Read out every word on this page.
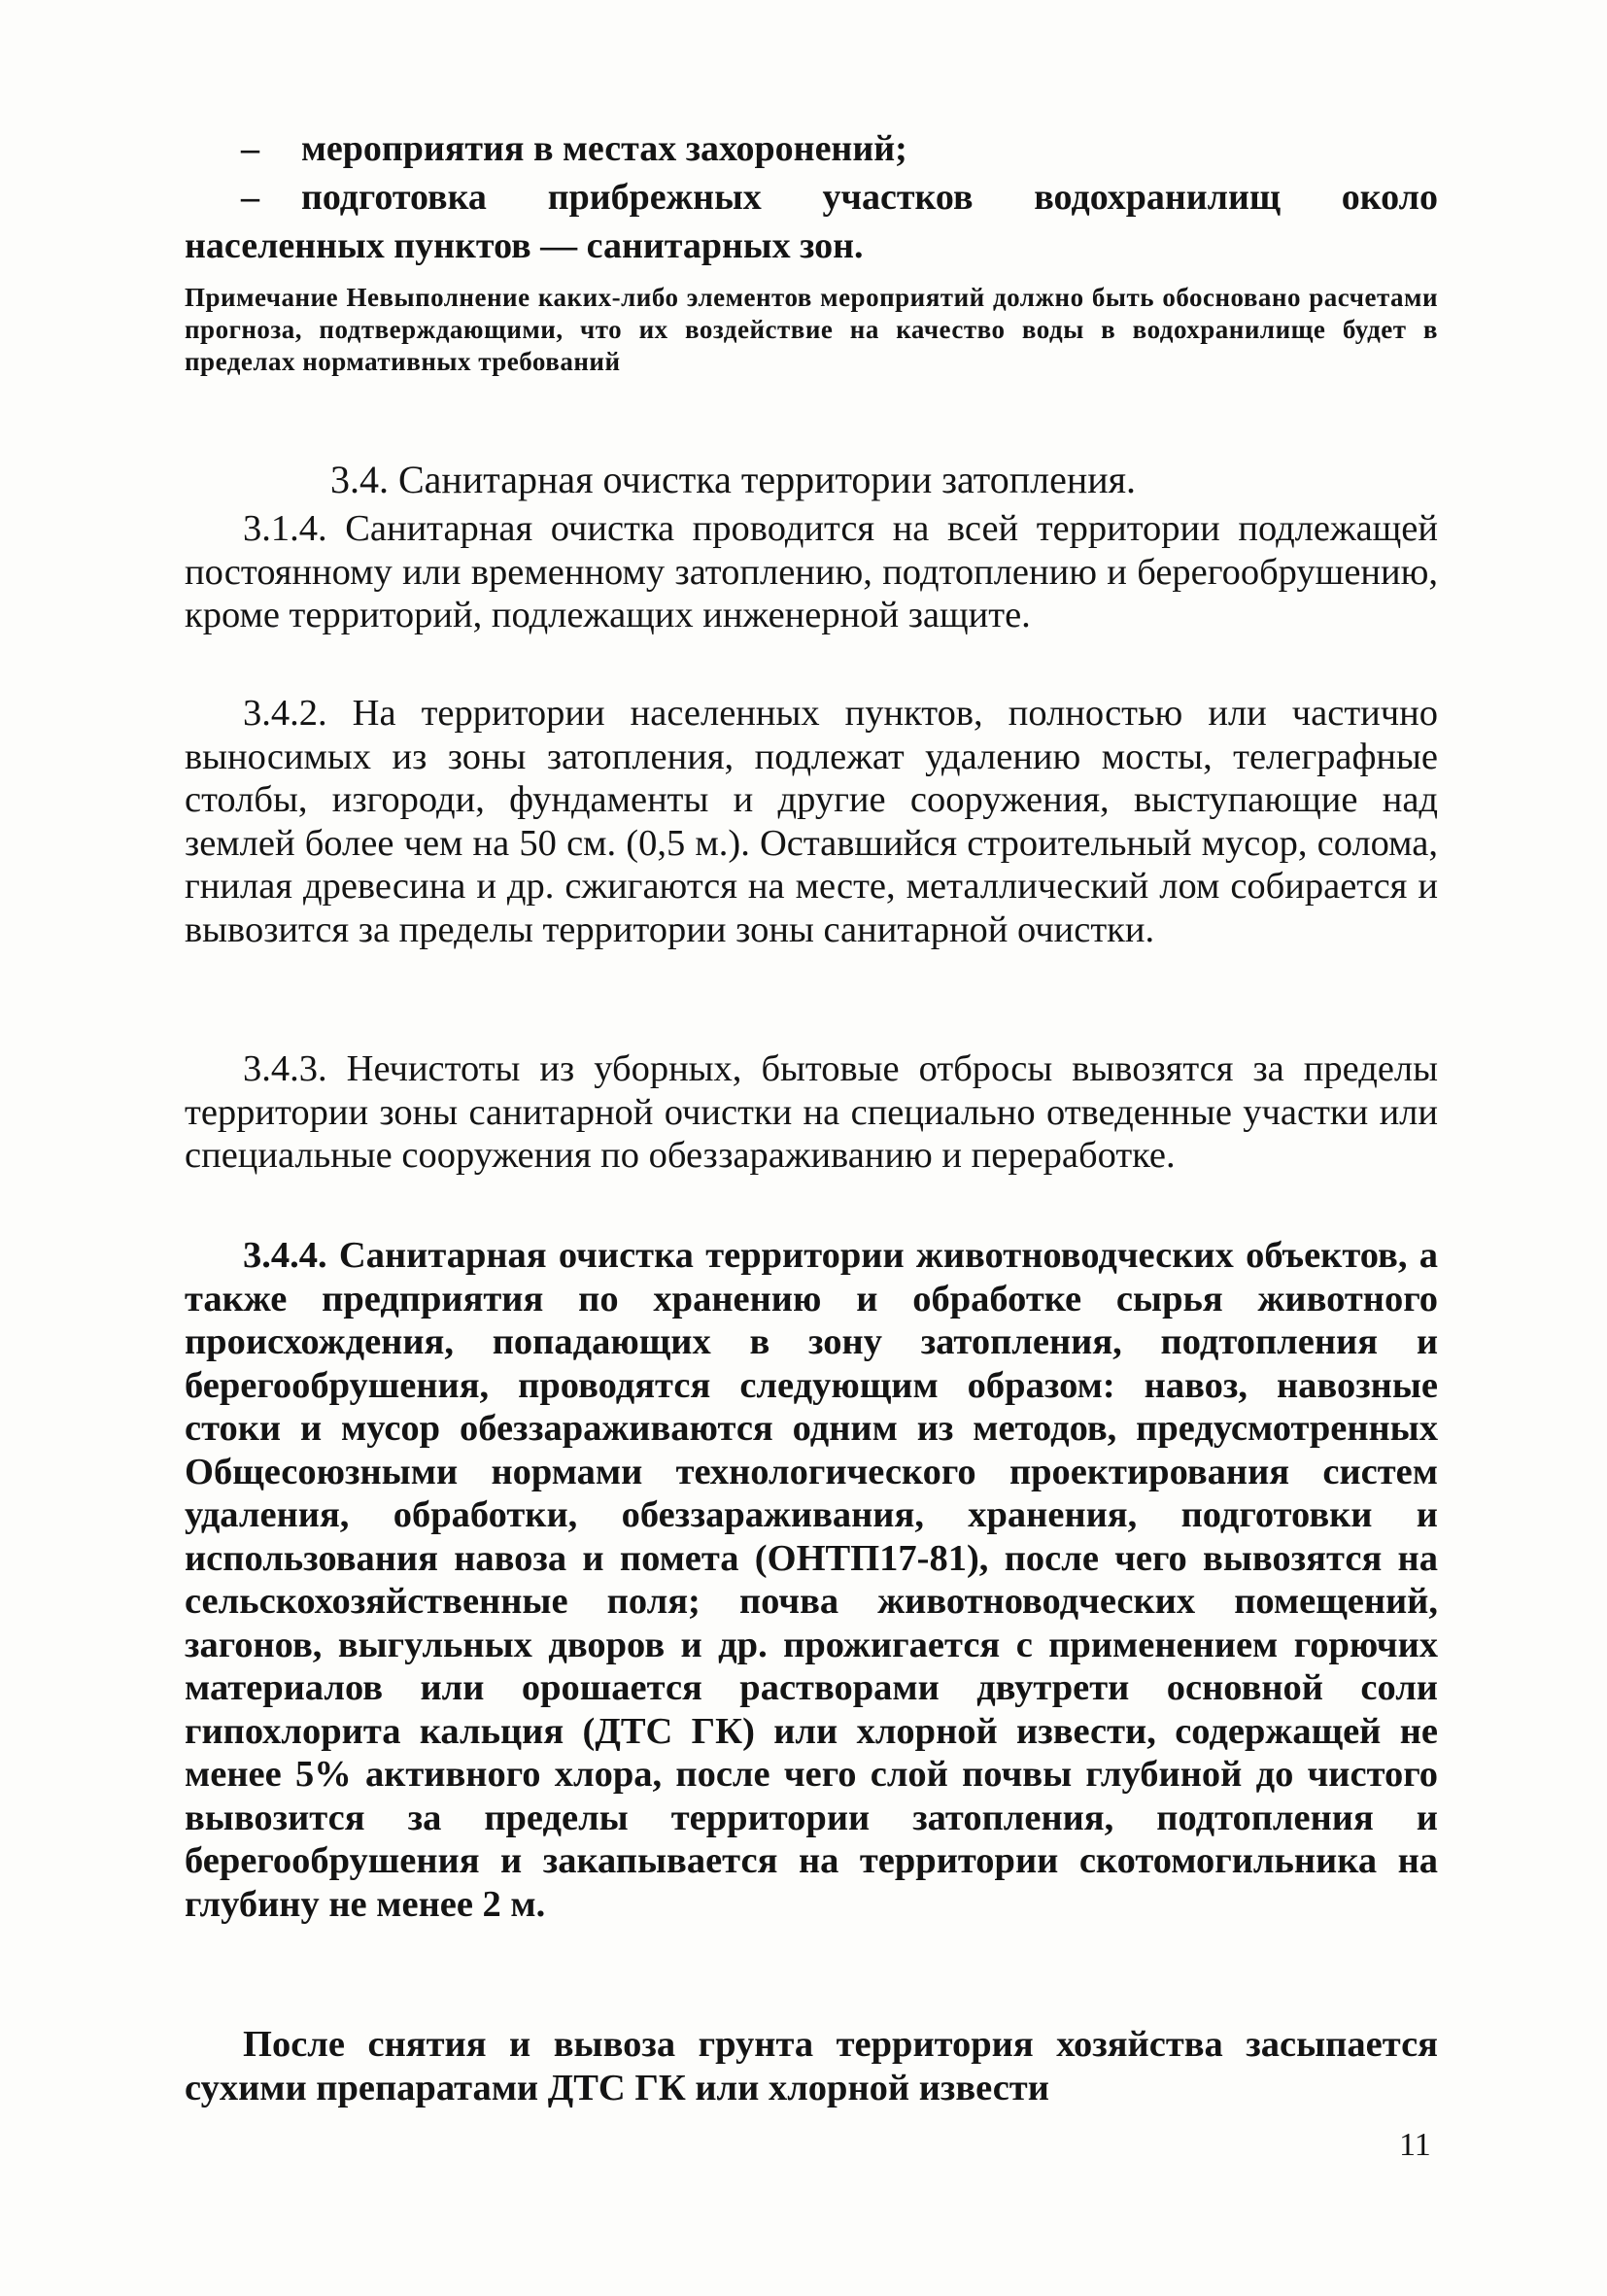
– мероприятия в местах захоронений;

– подготовка прибрежных участков водохранилищ около населенных пунктов — санитарных зон.

Примечание Невыполнение каких-либо элементов мероприятий должно быть обосновано расчетами прогноза, подтверждающими, что их воздействие на качество воды в водохранилище будет в пределах нормативных требований

3.4. Санитарная очистка территории затопления.

3.1.4. Санитарная очистка проводится на всей территории подлежащей постоянному или временному затоплению, подтоплению и берегообрушению, кроме территорий, подлежащих инженерной защите.

3.4.2. На территории населенных пунктов, полностью или частично выносимых из зоны затопления, подлежат удалению мосты, телеграфные столбы, изгороди, фундаменты и другие сооружения, выступающие над землей более чем на 50 см. (0,5 м.). Оставшийся строительный мусор, солома, гнилая древесина и др. сжигаются на месте, металлический лом собирается и вывозится за пределы территории зоны санитарной очистки.

3.4.3. Нечистоты из уборных, бытовые отбросы вывозятся за пределы территории зоны санитарной очистки на специально отведенные участки или специальные сооружения по обеззараживанию и переработке.

3.4.4. Санитарная очистка территории животноводческих объектов, а также предприятия по хранению и обработке сырья животного происхождения, попадающих в зону затопления, подтопления и берегообрушения, проводятся следующим образом: навоз, навозные стоки и мусор обеззараживаются одним из методов, предусмотренных Общесоюзными нормами технологического проектирования систем удаления, обработки, обеззараживания, хранения, подготовки и использования навоза и помета (ОНТП17-81), после чего вывозятся на сельскохозяйственные поля; почва животноводческих помещений, загонов, выгульных дворов и др. прожигается с применением горючих материалов или орошается растворами двутрети основной соли гипохлорита кальция (ДТС ГК) или хлорной извести, содержащей не менее 5% активного хлора, после чего слой почвы глубиной до чистого вывозится за пределы территории затопления, подтопления и берегообрушения и закапывается на территории скотомогильника на глубину не менее 2 м.

После снятия и вывоза грунта территория хозяйства засыпается сухими препаратами ДТС ГК или хлорной извести

11
